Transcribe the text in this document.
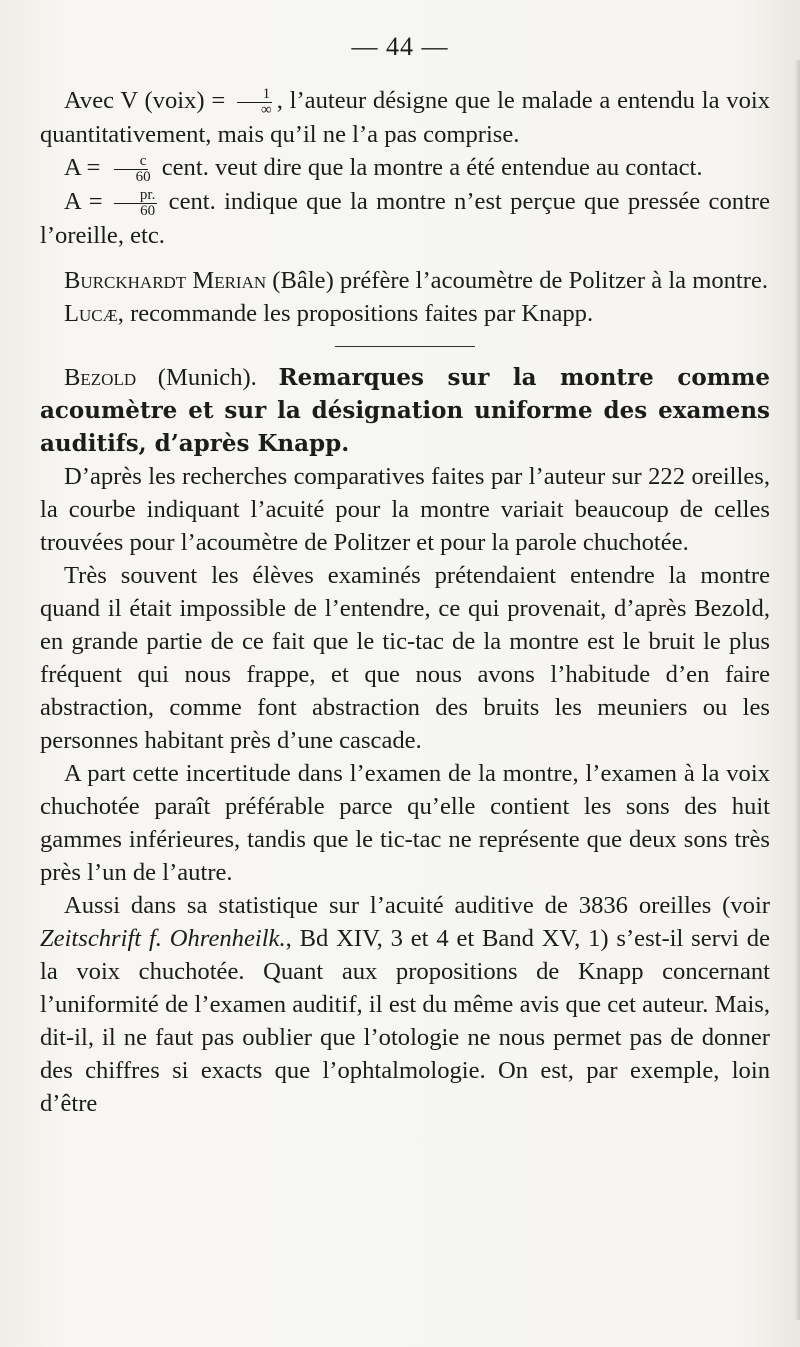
— 44 —

Avec V (voix) = $\frac{1}{\infty}$ , l’auteur désigne que le malade a entendu la voix quantitativement, mais qu’il ne l’a pas comprise.

$A = \frac{c}{60}$ cent. veut dire que la montre a été entendue au contact.

$A = \frac{pr.}{60}$ cent. indique que la montre n’est perçue que pressée contre l’oreille, etc.

Burckhardt Merian (Bâle) préfère l’acoumètre de Politzer à la montre.

Lucæ, recommande les propositions faites par Knapp.

Bezold (Munich). Remarques sur la montre comme acoumètre et sur la désignation uniforme des examens auditifs, d’après Knapp.

D’après les recherches comparatives faites par l’auteur sur 222 oreilles, la courbe indiquant l’acuité pour la montre variait beaucoup de celles trouvées pour l’acoumètre de Politzer et pour la parole chuchotée.

Très souvent les élèves examinés prétendaient entendre la montre quand il était impossible de l’entendre, ce qui provenait, d’après Bezold, en grande partie de ce fait que le tic-tac de la montre est le bruit le plus fréquent qui nous frappe, et que nous avons l’habitude d’en faire abstraction, comme font abstraction des bruits les meuniers ou les personnes habitant près d’une cascade.

A part cette incertitude dans l’examen de la montre, l’examen à la voix chuchotée paraît préférable parce qu’elle contient les sons des huit gammes inférieures, tandis que le tic-tac ne représente que deux sons très près l’un de l’autre.

Aussi dans sa statistique sur l’acuité auditive de 3836 oreilles (voir Zeitschrift f. Ohrenheilk., Bd XIV, 3 et 4 et Band XV, 1) s’est-il servi de la voix chuchotée. Quant aux propositions de Knapp concernant l’uniformité de l’examen auditif, il est du même avis que cet auteur. Mais, dit-il, il ne faut pas oublier que l’otologie ne nous permet pas de donner des chiffres si exacts que l’ophtalmologie. On est, par exemple, loin d’être
